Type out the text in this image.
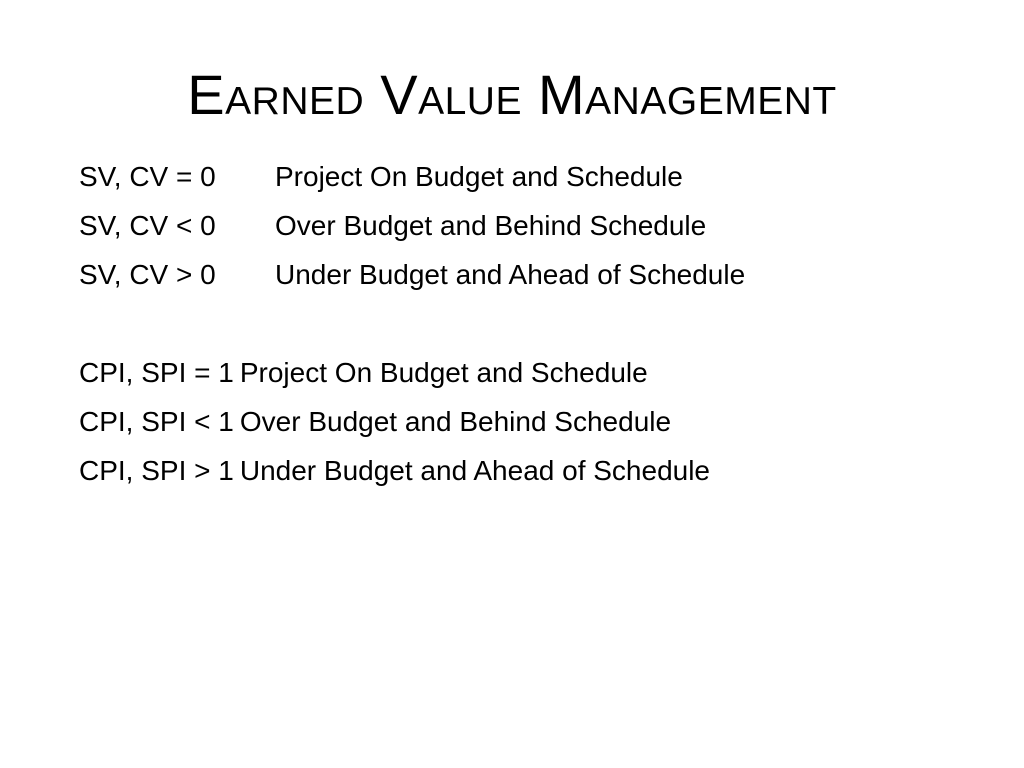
Earned Value Management
SV, CV = 0	Project On Budget and Schedule
SV, CV < 0	Over Budget and Behind Schedule
SV, CV > 0	Under Budget and Ahead of Schedule
CPI, SPI = 1 Project On Budget and Schedule
CPI, SPI < 1 Over Budget and Behind Schedule
CPI, SPI > 1 Under Budget and Ahead of Schedule
